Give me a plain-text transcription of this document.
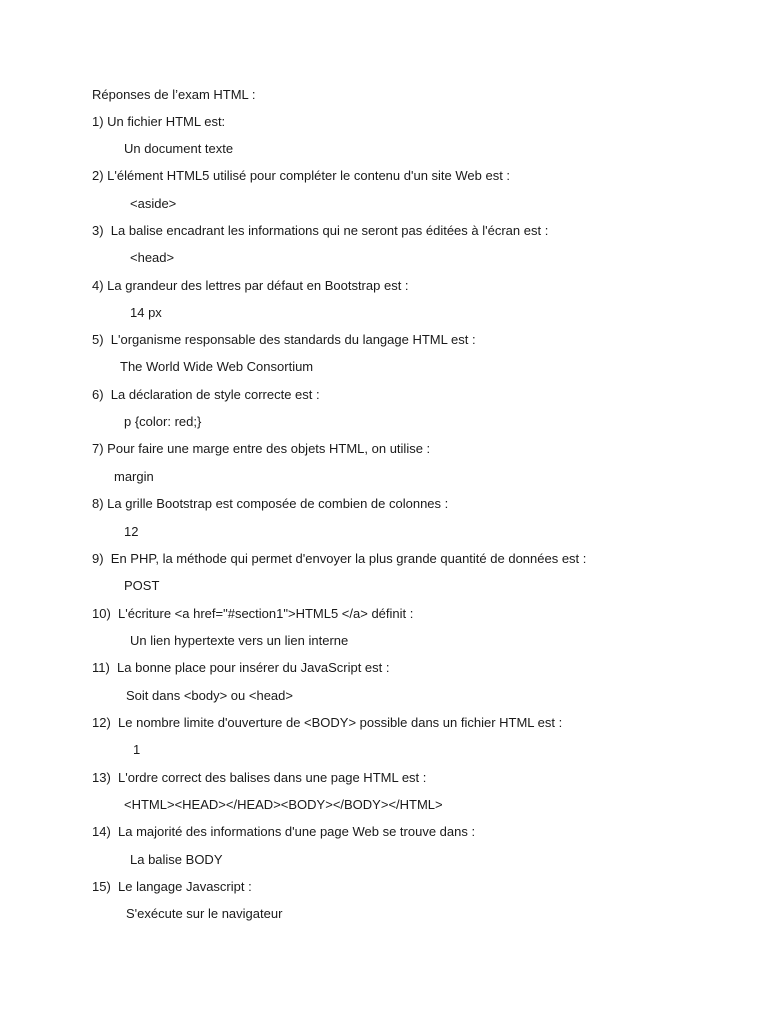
Réponses de l’exam HTML :
1) Un fichier HTML est:
Un document texte
2) L'élément HTML5 utilisé pour compléter le contenu d'un site Web est :
<aside>
3)  La balise encadrant les informations qui ne seront pas éditées à l'écran est :
<head>
4) La grandeur des lettres par défaut en Bootstrap est :
14 px
5)  L'organisme responsable des standards du langage HTML est :
The World Wide Web Consortium
6)  La déclaration de style correcte est :
p {color: red;}
7) Pour faire une marge entre des objets HTML, on utilise :
margin
8) La grille Bootstrap est composée de combien de colonnes :
12
9)  En PHP, la méthode qui permet d'envoyer la plus grande quantité de données est :
POST
10)  L'écriture <a href="#section1">HTML5 </a> définit :
Un lien hypertexte vers un lien interne
11)  La bonne place pour insérer du JavaScript est :
Soit dans <body> ou <head>
12)  Le nombre limite d'ouverture de <BODY> possible dans un fichier HTML est :
1
13)  L'ordre correct des balises dans une page HTML est :
<HTML><HEAD></HEAD><BODY></BODY></HTML>
14)  La majorité des informations d'une page Web se trouve dans :
La balise BODY
15)  Le langage Javascript :
S'exécute sur le navigateur
